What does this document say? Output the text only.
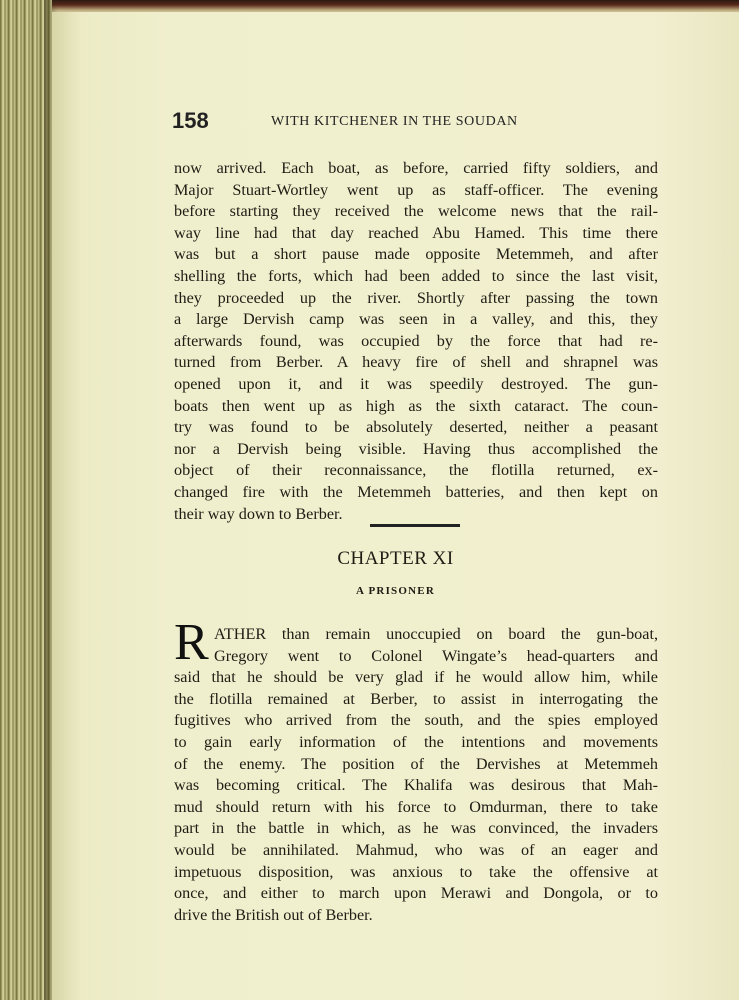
158	WITH KITCHENER IN THE SOUDAN
now arrived. Each boat, as before, carried fifty soldiers, and
Major Stuart-Wortley went up as staff-officer. The evening
before starting they received the welcome news that the rail-
way line had that day reached Abu Hamed. This time there
was but a short pause made opposite Metemmeh, and after
shelling the forts, which had been added to since the last visit,
they proceeded up the river. Shortly after passing the town
a large Dervish camp was seen in a valley, and this, they
afterwards found, was occupied by the force that had re-
turned from Berber. A heavy fire of shell and shrapnel was
opened upon it, and it was speedily destroyed. The gun-
boats then went up as high as the sixth cataract. The coun-
try was found to be absolutely deserted, neither a peasant
nor a Dervish being visible. Having thus accomplished the
object of their reconnaissance, the flotilla returned, ex-
changed fire with the Metemmeh batteries, and then kept on
their way down to Berber.
CHAPTER XI
A PRISONER
R ATHER than remain unoccupied on board the gun-boat,
Gregory went to Colonel Wingate’s head-quarters and
said that he should be very glad if he would allow him, while
the flotilla remained at Berber, to assist in interrogating the
fugitives who arrived from the south, and the spies employed
to gain early information of the intentions and movements
of the enemy. The position of the Dervishes at Metemmeh
was becoming critical. The Khalifa was desirous that Mah-
mud should return with his force to Omdurman, there to take
part in the battle in which, as he was convinced, the invaders
would be annihilated. Mahmud, who was of an eager and
impetuous disposition, was anxious to take the offensive at
once, and either to march upon Merawi and Dongola, or to
drive the British out of Berber.
